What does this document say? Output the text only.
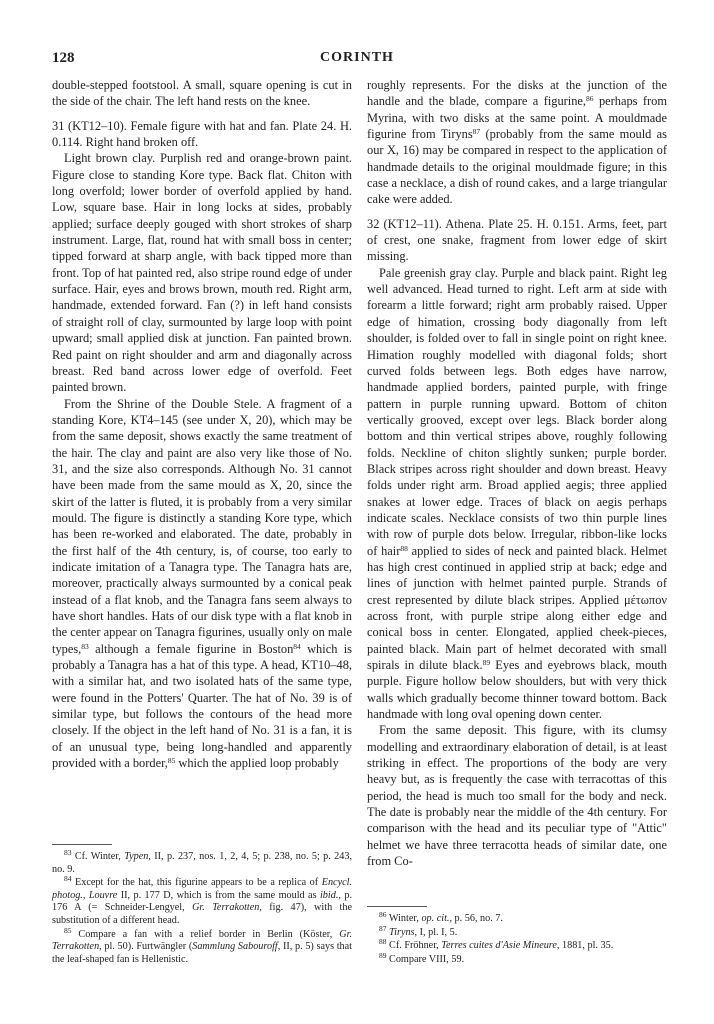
128	CORINTH

double-stepped footstool. A small, square opening is cut in the side of the chair. The left hand rests on the knee.

31 (KT12–10). Female figure with hat and fan. Plate 24. H. 0.114. Right hand broken off.

Light brown clay. Purplish red and orange-brown paint. Figure close to standing Kore type. Back flat. Chiton with long overfold; lower border of overfold applied by hand. Low, square base. Hair in long locks at sides, probably applied; surface deeply gouged with short strokes of sharp instrument. Large, flat, round hat with small boss in center; tipped forward at sharp angle, with back tipped more than front. Top of hat painted red, also stripe round edge of under surface. Hair, eyes and brows brown, mouth red. Right arm, handmade, extended forward. Fan (?) in left hand consists of straight roll of clay, surmounted by large loop with point upward; small applied disk at junction. Fan painted brown. Red paint on right shoulder and arm and diagonally across breast. Red band across lower edge of overfold. Feet painted brown.

From the Shrine of the Double Stele. A fragment of a standing Kore, KT4–145 (see under X, 20), which may be from the same deposit, shows exactly the same treatment of the hair. The clay and paint are also very like those of No. 31, and the size also corresponds. Although No. 31 cannot have been made from the same mould as X, 20, since the skirt of the latter is fluted, it is probably from a very similar mould. The figure is distinctly a standing Kore type, which has been re-worked and elaborated. The date, probably in the first half of the 4th century, is, of course, too early to indicate imitation of a Tanagra type. The Tanagra hats are, moreover, practically always surmounted by a conical peak instead of a flat knob, and the Tanagra fans seem always to have short handles. Hats of our disk type with a flat knob in the center appear on Tanagra figurines, usually only on male types,$^{83}$ although a female figurine in Boston$^{84}$ which is probably a Tanagra has a hat of this type. A head, KT10–48, with a similar hat, and two isolated hats of the same type, were found in the Potters' Quarter. The hat of No. 39 is of similar type, but follows the contours of the head more closely. If the object in the left hand of No. 31 is a fan, it is of an unusual type, being long-handled and apparently provided with a border,$^{85}$ which the applied loop probably

$^{83}$ Cf. Winter, Typen, II, p. 237, nos. 1, 2, 4, 5; p. 238, no. 5; p. 243, no. 9.

$^{84}$ Except for the hat, this figurine appears to be a replica of Encycl. photog., Louvre II, p. 177 D, which is from the same mould as ibid., p. 176 A (= Schneider-Lengyel, Gr. Terrakotten, fig. 47), with the substitution of a different head.

$^{85}$ Compare a fan with a relief border in Berlin (Köster, Gr. Terrakotten, pl. 50). Furtwängler (Sammlung Sabouroff, II, p. 5) says that the leaf-shaped fan is Hellenistic.

roughly represents. For the disks at the junction of the handle and the blade, compare a figurine,$^{86}$ perhaps from Myrina, with two disks at the same point. A mouldmade figurine from Tiryns$^{87}$ (probably from the same mould as our X, 16) may be compared in respect to the application of handmade details to the original mouldmade figure; in this case a necklace, a dish of round cakes, and a large triangular cake were added.

32 (KT12–11). Athena. Plate 25. H. 0.151. Arms, feet, part of crest, one snake, fragment from lower edge of skirt missing.

Pale greenish gray clay. Purple and black paint. Right leg well advanced. Head turned to right. Left arm at side with forearm a little forward; right arm probably raised. Upper edge of himation, crossing body diagonally from left shoulder, is folded over to fall in single point on right knee. Himation roughly modelled with diagonal folds; short curved folds between legs. Both edges have narrow, handmade applied borders, painted purple, with fringe pattern in purple running upward. Bottom of chiton vertically grooved, except over legs. Black border along bottom and thin vertical stripes above, roughly following folds. Neckline of chiton slightly sunken; purple border. Black stripes across right shoulder and down breast. Heavy folds under right arm. Broad applied aegis; three applied snakes at lower edge. Traces of black on aegis perhaps indicate scales. Necklace consists of two thin purple lines with row of purple dots below. Irregular, ribbon-like locks of hair$^{88}$ applied to sides of neck and painted black. Helmet has high crest continued in applied strip at back; edge and lines of junction with helmet painted purple. Strands of crest represented by dilute black stripes. Applied μέτωπον across front, with purple stripe along either edge and conical boss in center. Elongated, applied cheek-pieces, painted black. Main part of helmet decorated with small spirals in dilute black.$^{89}$ Eyes and eyebrows black, mouth purple. Figure hollow below shoulders, but with very thick walls which gradually become thinner toward bottom. Back handmade with long oval opening down center.

From the same deposit. This figure, with its clumsy modelling and extraordinary elaboration of detail, is at least striking in effect. The proportions of the body are very heavy but, as is frequently the case with terracottas of this period, the head is much too small for the body and neck. The date is probably near the middle of the 4th century. For comparison with the head and its peculiar type of "Attic" helmet we have three terracotta heads of similar date, one from Co-

$^{86}$ Winter, op. cit., p. 56, no. 7.

$^{87}$ Tiryns, I, pl. I, 5.

$^{88}$ Cf. Fröhner, Terres cuites d'Asie Mineure, 1881, pl. 35.

$^{89}$ Compare VIII, 59.
